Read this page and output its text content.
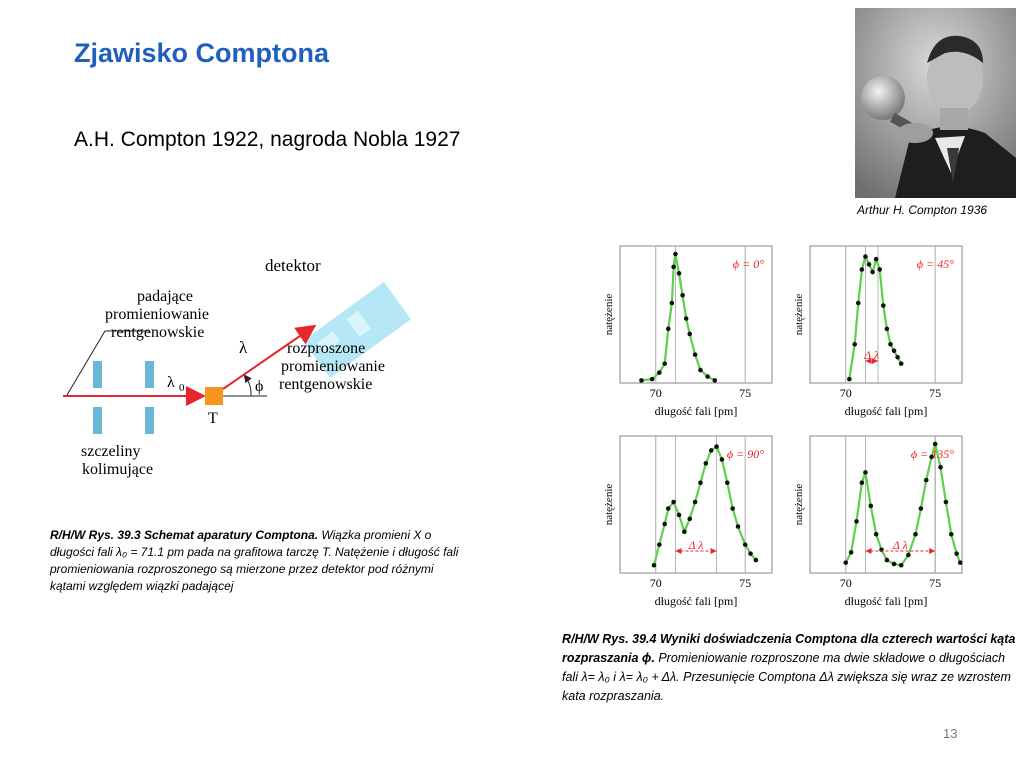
Zjawisko Comptona
A.H. Compton 1922, nagroda Nobla 1927
Arthur H. Compton 1936
detektor
padające
promieniowanie
rentgenowskie
rozproszone
promieniowanie
rentgenowskie
λ
λ 0	ϕ
T
szczeliny
kolimujące
R/H/W Rys. 39.3 Schemat aparatury Comptona. Wiązka promieni X o długości fali λ₀ = 71.1 pm pada na grafitowa tarczę T. Natężenie i długość fali promieniowania rozproszonego są mierzone przez detektor pod różnymi kątami względem wiązki padającej
ϕ = 0°
70	75
długość fali [pm]
natężenie
Δ λ
ϕ = 45°
70	75
długość fali [pm]
natężenie
Δ λ
ϕ = 90°
70	75
długość fali [pm]
natężenie
Δ λ
ϕ = 135°
70	75
długość fali [pm]
natężenie
R/H/W Rys. 39.4 Wyniki doświadczenia Comptona dla czterech wartości kąta rozpraszania ϕ. Promieniowanie rozproszone ma dwie składowe o długościach fali λ= λ₀ i λ= λ₀ + Δλ. Przesunięcie Comptona Δλ zwiększa się wraz ze wzrostem kata rozpraszania.
13
